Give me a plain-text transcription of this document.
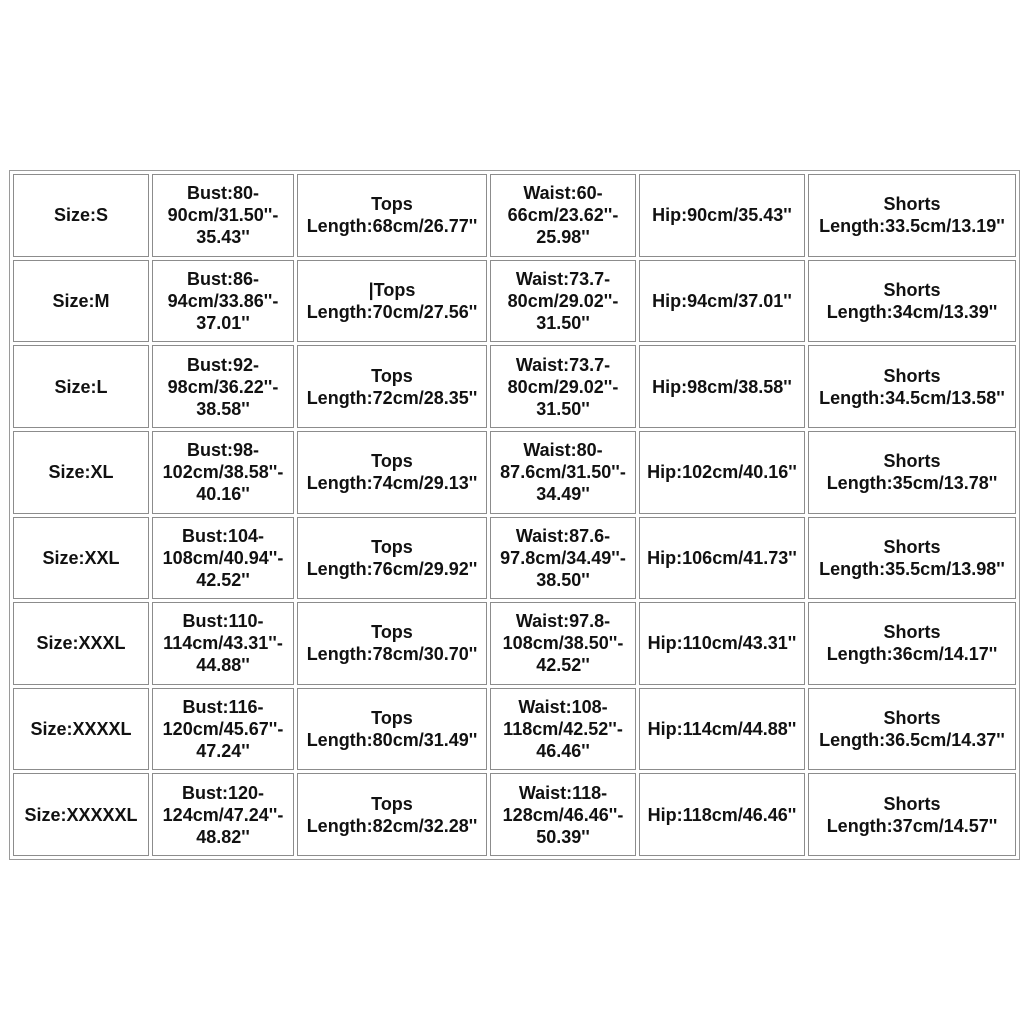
Size:S	Bust:80-
90cm/31.50''-
35.43''	Tops
Length:68cm/26.77''	Waist:60-
66cm/23.62''-
25.98''	Hip:90cm/35.43''	Shorts
Length:33.5cm/13.19''

Size:M	Bust:86-
94cm/33.86''-
37.01''	|Tops
Length:70cm/27.56''	Waist:73.7-
80cm/29.02''-
31.50''	Hip:94cm/37.01''	Shorts
Length:34cm/13.39''

Size:L	Bust:92-
98cm/36.22''-
38.58''	Tops
Length:72cm/28.35''	Waist:73.7-
80cm/29.02''-
31.50''	Hip:98cm/38.58''	Shorts
Length:34.5cm/13.58''

Size:XL	Bust:98-
102cm/38.58''-
40.16''	Tops
Length:74cm/29.13''	Waist:80-
87.6cm/31.50''-
34.49''	Hip:102cm/40.16''	Shorts
Length:35cm/13.78''

Size:XXL	Bust:104-
108cm/40.94''-
42.52''	Tops
Length:76cm/29.92''	Waist:87.6-
97.8cm/34.49''-
38.50''	Hip:106cm/41.73''	Shorts
Length:35.5cm/13.98''

Size:XXXL	Bust:110-
114cm/43.31''-
44.88''	Tops
Length:78cm/30.70''	Waist:97.8-
108cm/38.50''-
42.52''	Hip:110cm/43.31''	Shorts
Length:36cm/14.17''

Size:XXXXL	Bust:116-
120cm/45.67''-
47.24''	Tops
Length:80cm/31.49''	Waist:108-
118cm/42.52''-
46.46''	Hip:114cm/44.88''	Shorts
Length:36.5cm/14.37''

Size:XXXXXL	Bust:120-
124cm/47.24''-
48.82''	Tops
Length:82cm/32.28''	Waist:118-
128cm/46.46''-
50.39''	Hip:118cm/46.46''	Shorts
Length:37cm/14.57''
